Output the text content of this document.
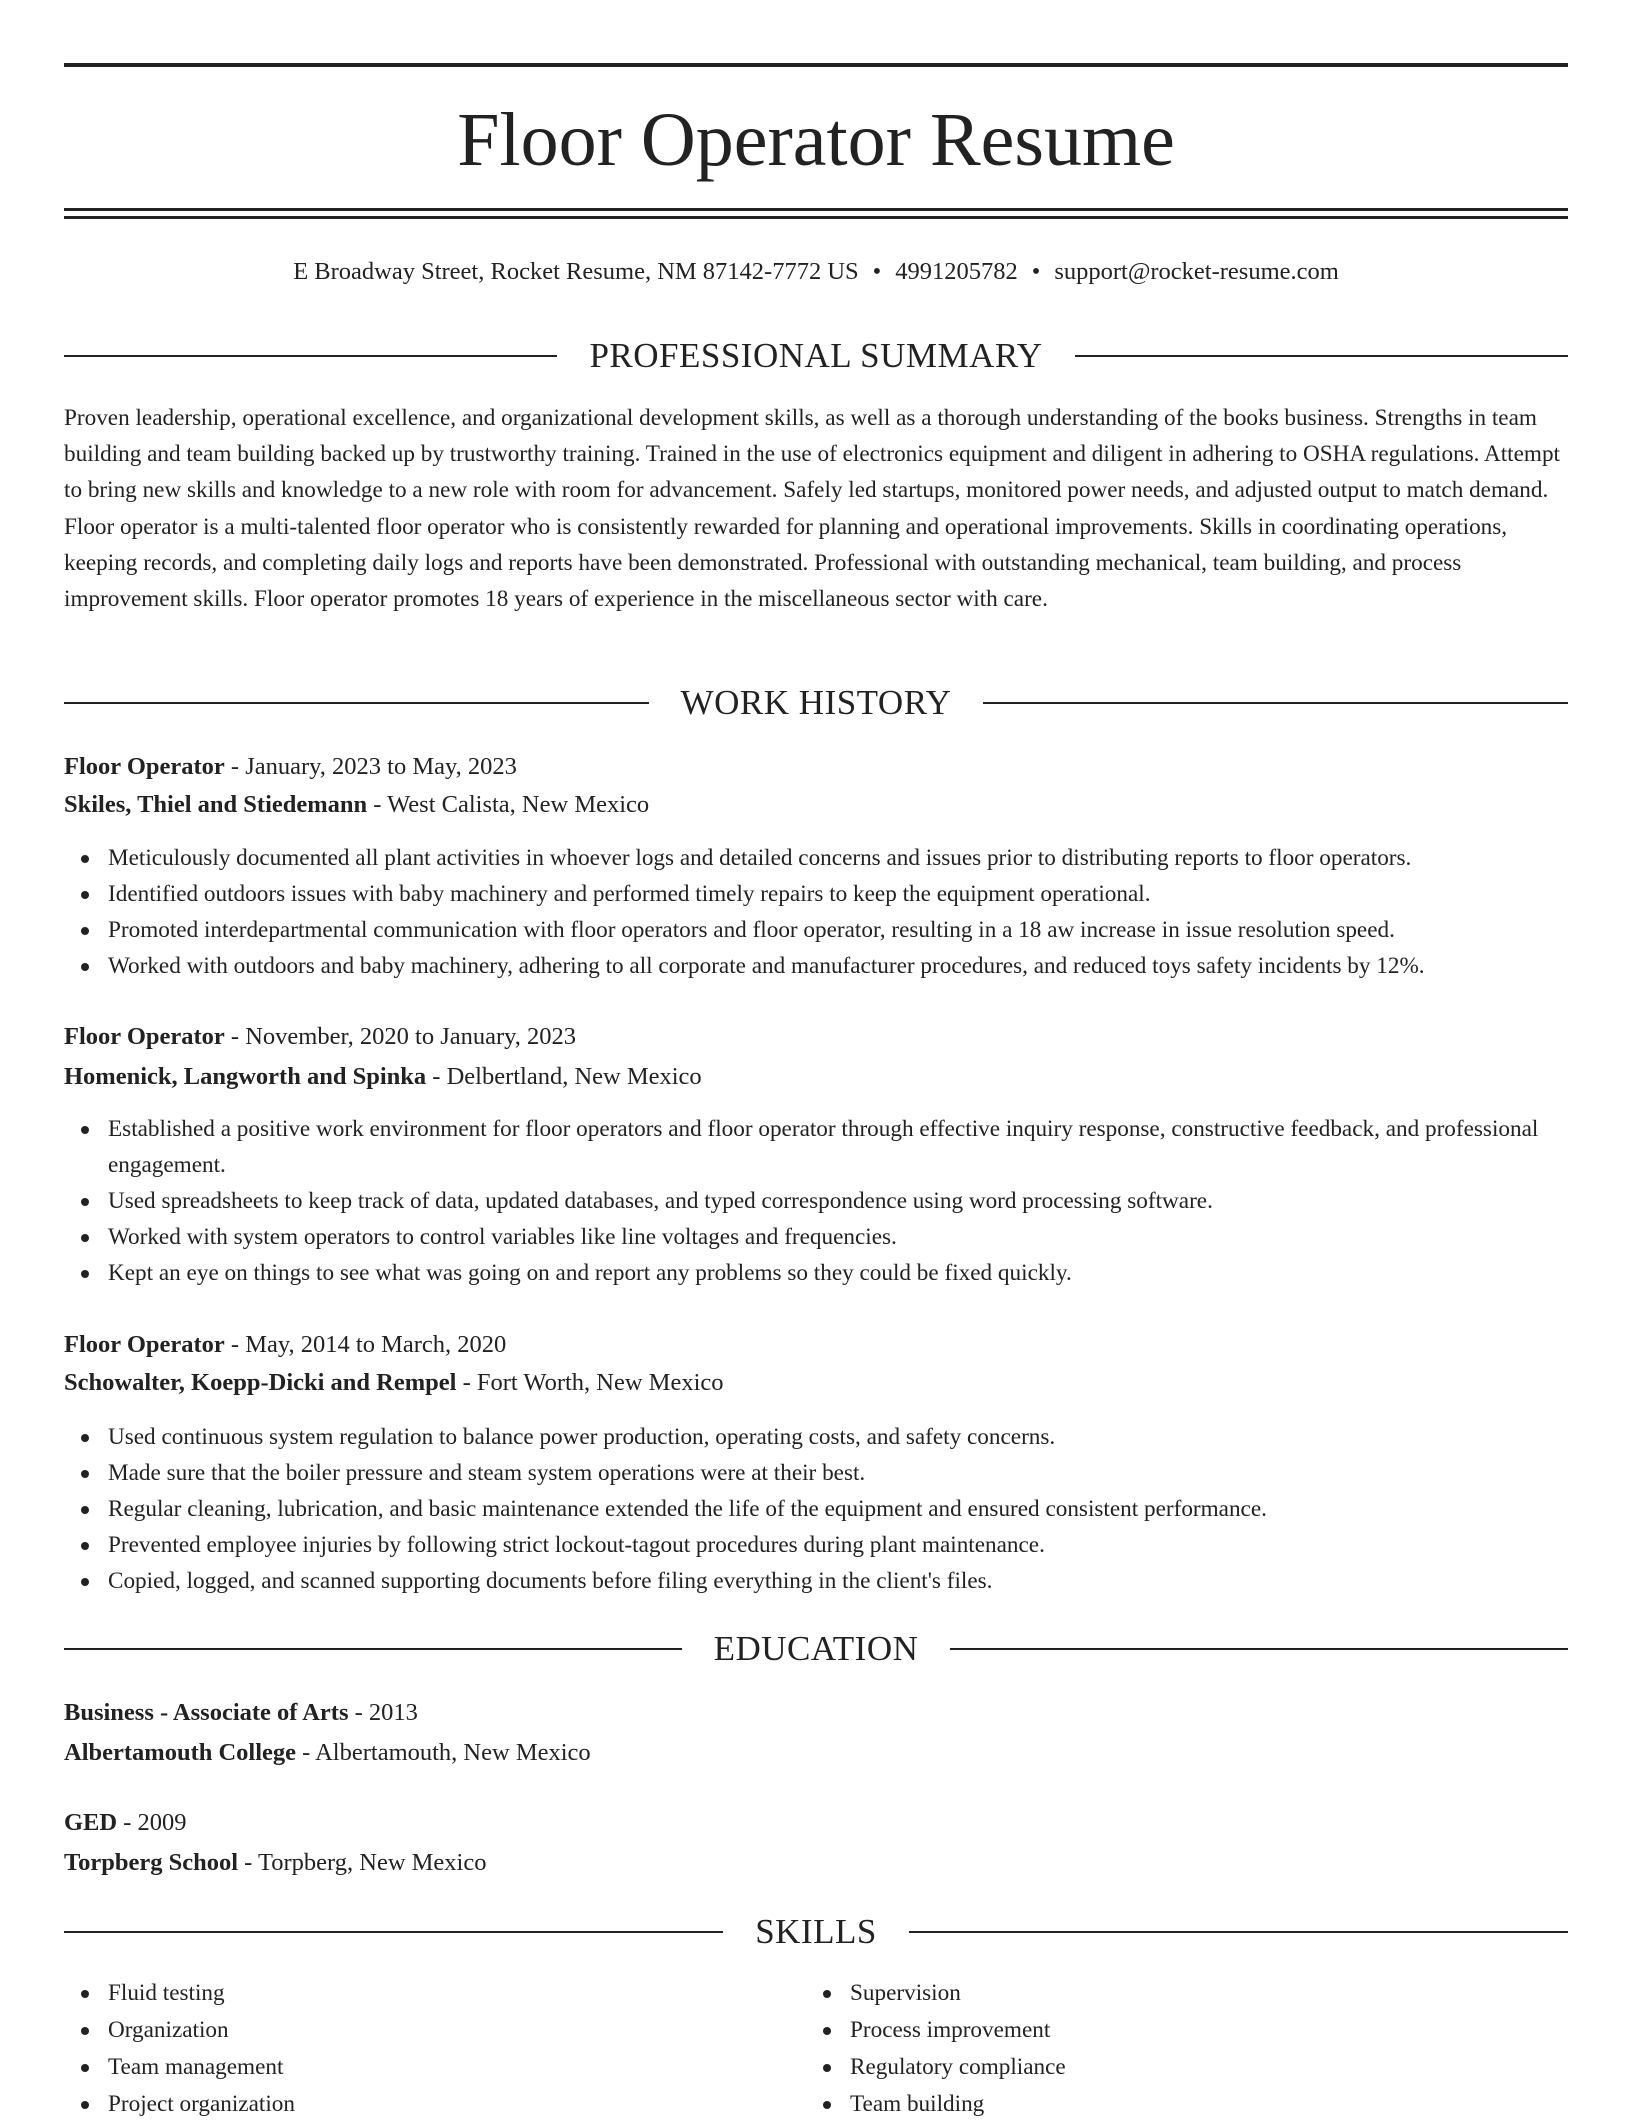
Floor Operator Resume
E Broadway Street, Rocket Resume, NM 87142-7772 US • 4991205782 • support@rocket-resume.com
PROFESSIONAL SUMMARY
Proven leadership, operational excellence, and organizational development skills, as well as a thorough understanding of the books business. Strengths in team building and team building backed up by trustworthy training. Trained in the use of electronics equipment and diligent in adhering to OSHA regulations. Attempt to bring new skills and knowledge to a new role with room for advancement. Safely led startups, monitored power needs, and adjusted output to match demand. Floor operator is a multi-talented floor operator who is consistently rewarded for planning and operational improvements. Skills in coordinating operations, keeping records, and completing daily logs and reports have been demonstrated. Professional with outstanding mechanical, team building, and process improvement skills. Floor operator promotes 18 years of experience in the miscellaneous sector with care.
WORK HISTORY
Floor Operator - January, 2023 to May, 2023
Skiles, Thiel and Stiedemann - West Calista, New Mexico
Meticulously documented all plant activities in whoever logs and detailed concerns and issues prior to distributing reports to floor operators.
Identified outdoors issues with baby machinery and performed timely repairs to keep the equipment operational.
Promoted interdepartmental communication with floor operators and floor operator, resulting in a 18 aw increase in issue resolution speed.
Worked with outdoors and baby machinery, adhering to all corporate and manufacturer procedures, and reduced toys safety incidents by 12%.
Floor Operator - November, 2020 to January, 2023
Homenick, Langworth and Spinka - Delbertland, New Mexico
Established a positive work environment for floor operators and floor operator through effective inquiry response, constructive feedback, and professional engagement.
Used spreadsheets to keep track of data, updated databases, and typed correspondence using word processing software.
Worked with system operators to control variables like line voltages and frequencies.
Kept an eye on things to see what was going on and report any problems so they could be fixed quickly.
Floor Operator - May, 2014 to March, 2020
Schowalter, Koepp-Dicki and Rempel - Fort Worth, New Mexico
Used continuous system regulation to balance power production, operating costs, and safety concerns.
Made sure that the boiler pressure and steam system operations were at their best.
Regular cleaning, lubrication, and basic maintenance extended the life of the equipment and ensured consistent performance.
Prevented employee injuries by following strict lockout-tagout procedures during plant maintenance.
Copied, logged, and scanned supporting documents before filing everything in the client's files.
EDUCATION
Business - Associate of Arts - 2013
Albertamouth College - Albertamouth, New Mexico
GED - 2009
Torpberg School - Torpberg, New Mexico
SKILLS
Fluid testing
Organization
Team management
Project organization
Supervision
Process improvement
Regulatory compliance
Team building
